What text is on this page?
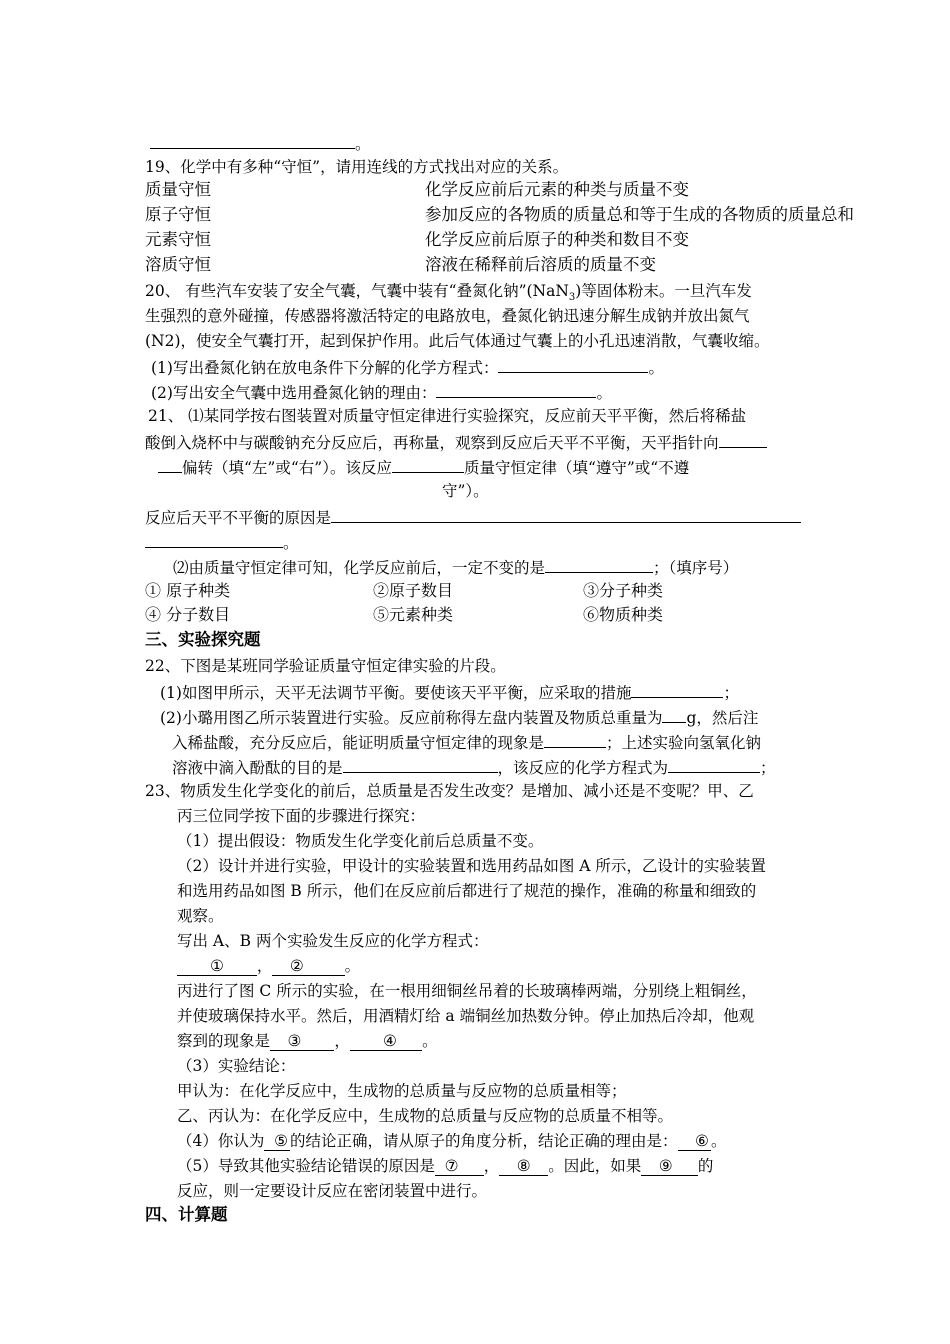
。
19、化学中有多种“守恒”，请用连线的方式找出对应的关系。
质量守恒	化学反应前后元素的种类与质量不变
原子守恒	参加反应的各物质的质量总和等于生成的各物质的质量总和
元素守恒	化学反应前后原子的种类和数目不变
溶质守恒	溶液在稀释前后溶质的质量不变
20、 有些汽车安装了安全气囊，气囊中装有“叠氮化钠”(NaN$_3$)等固体粉末。一旦汽车发
生强烈的意外碰撞，传感器将激活特定的电路放电，叠氮化钠迅速分解生成钠并放出氮气
(N2)，使安全气囊打开，起到保护作用。此后气体通过气囊上的小孔迅速消散，气囊收缩。
(1)写出叠氮化钠在放电条件下分解的化学方程式：	。
(2)写出安全气囊中选用叠氮化钠的理由：	。
21、 ⑴某同学按右图装置对质量守恒定律进行实验探究，反应前天平平衡，然后将稀盐
酸倒入烧杯中与碳酸钠充分反应后，再称量，观察到反应后天平不平衡，天平指针向
偏转（填“左”或“右”）。该反应	质量守恒定律（填“遵守”或“不遵
守”）。
反应后天平不平衡的原因是
。
⑵由质量守恒定律可知，化学反应前后，一定不变的是	；（填序号）
① 原子种类	②原子数目	③分子种类
④ 分子数目	⑤元素种类	⑥物质种类
三、实验探究题
22、下图是某班同学验证质量守恒定律实验的片段。
(1)如图甲所示，天平无法调节平衡。要使该天平平衡，应采取的措施	；
(2)小璐用图乙所示装置进行实验。反应前称得左盘内装置及物质总重量为 g，然后注
入稀盐酸，充分反应后，能证明质量守恒定律的现象是	；上述实验向氢氧化钠
溶液中滴入酚酞的目的是	，该反应的化学方程式为	；
23、物质发生化学变化的前后，总质量是否发生改变？是增加、减小还是不变呢？甲、乙
丙三位同学按下面的步骤进行探究：
（1）提出假设：物质发生化学变化前后总质量不变。
（2）设计并进行实验，甲设计的实验装置和选用药品如图 A 所示，乙设计的实验装置
和选用药品如图 B 所示，他们在反应前后都进行了规范的操作，准确的称量和细致的
观察。
写出 A、B 两个实验发生反应的化学方程式：
    ①     ，   ②     	。
丙进行了图 C 所示的实验，在一根用细铜丝吊着的长玻璃棒两端，分别绕上粗铜丝，
并使玻璃保持水平。然后，用酒精灯给 a 端铜丝加热数分钟。停止加热后冷却，他观
察到的现象是   ③     ，     ④    。
（3）实验结论：
甲认为：在化学反应中，生成物的总质量与反应物的总质量相等；
乙、丙认为：在化学反应中，生成物的总质量与反应物的总质量不相等。
（4）你认为  ⑤ 的结论正确，请从原子的角度分析，结论正确的理由是：   ⑥ 。
（5）导致其他实验结论错误的原因是  ⑦    ，   ⑧   。因此，如果   ⑨    的
反应，则一定要设计反应在密闭装置中进行。
四、计算题
